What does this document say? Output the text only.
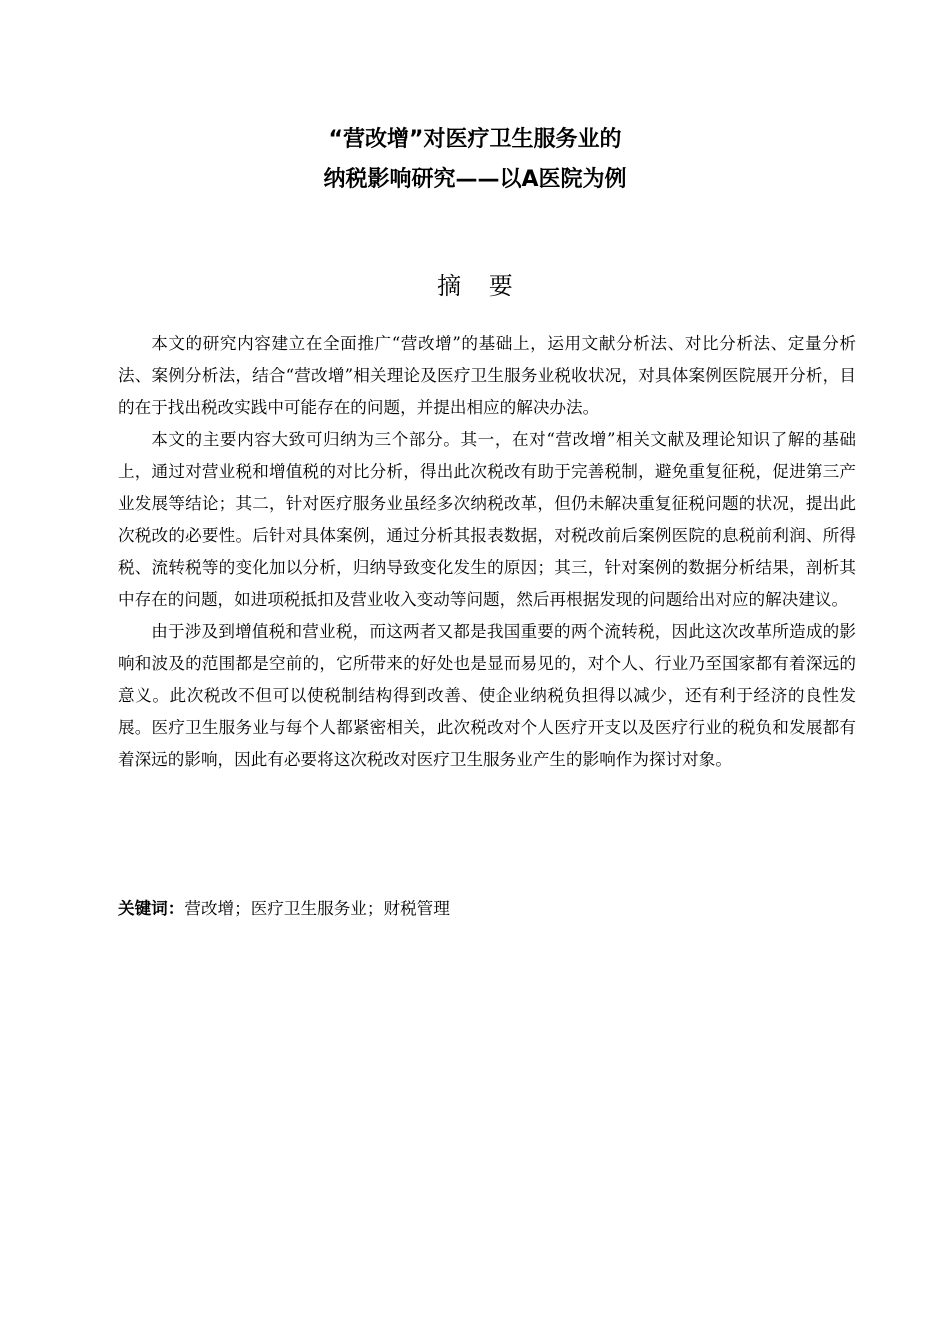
“营改增”对医疗卫生服务业的
纳税影响研究——以A医院为例
摘 要

本文的研究内容建立在全面推广“营改增”的基础上，运用文献分析法、对比分析法、定量分析法、案例分析法，结合“营改增”相关理论及医疗卫生服务业税收状况，对具体案例医院展开分析，目的在于找出税改实践中可能存在的问题，并提出相应的解决办法。

本文的主要内容大致可归纳为三个部分。其一，在对“营改增”相关文献及理论知识了解的基础上，通过对营业税和增值税的对比分析，得出此次税改有助于完善税制，避免重复征税，促进第三产业发展等结论；其二，针对医疗服务业虽经多次纳税改革，但仍未解决重复征税问题的状况，提出此次税改的必要性。后针对具体案例，通过分析其报表数据，对税改前后案例医院的息税前利润、所得税、流转税等的变化加以分析，归纳导致变化发生的原因；其三，针对案例的数据分析结果，剖析其中存在的问题，如进项税抵扣及营业收入变动等问题，然后再根据发现的问题给出对应的解决建议。

由于涉及到增值税和营业税，而这两者又都是我国重要的两个流转税，因此这次改革所造成的影响和波及的范围都是空前的，它所带来的好处也是显而易见的，对个人、行业乃至国家都有着深远的意义。此次税改不但可以使税制结构得到改善、使企业纳税负担得以减少，还有利于经济的良性发展。医疗卫生服务业与每个人都紧密相关，此次税改对个人医疗开支以及医疗行业的税负和发展都有着深远的影响，因此有必要将这次税改对医疗卫生服务业产生的影响作为探讨对象。

关键词：营改增；医疗卫生服务业；财税管理
